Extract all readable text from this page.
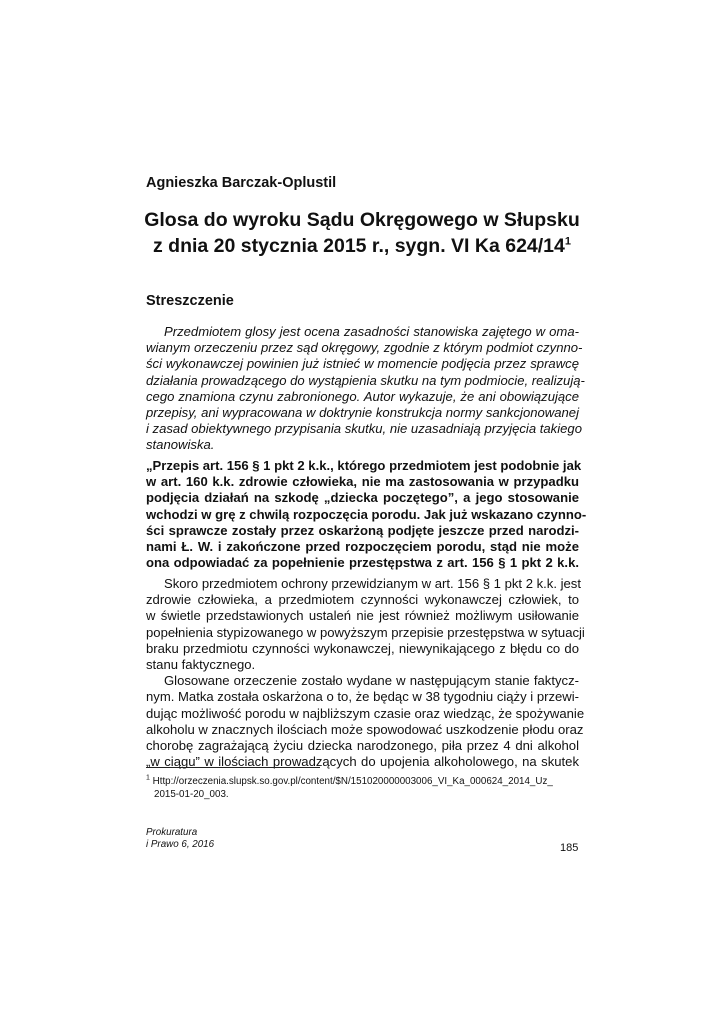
Agnieszka Barczak-Oplustil
Glosa do wyroku Sądu Okręgowego w Słupsku
z dnia 20 stycznia 2015 r., sygn. VI Ka $624/14^1$
Streszczenie
Przedmiotem glosy jest ocena zasadności stanowiska zajętego w oma-
wianym orzeczeniu przez sąd okręgowy, zgodnie z którym podmiot czynno-
ści wykonawczej powinien już istnieć w momencie podjęcia przez sprawcę
działania prowadzącego do wystąpienia skutku na tym podmiocie, realizują-
cego znamiona czynu zabronionego. Autor wykazuje, że ani obowiązujące
przepisy, ani wypracowana w doktrynie konstrukcja normy sankcjonowanej
i zasad obiektywnego przypisania skutku, nie uzasadniają przyjęcia takiego
stanowiska.
„Przepis art. 156 § 1 pkt 2 k.k., którego przedmiotem jest podobnie jak
w art. 160 k.k. zdrowie człowieka, nie ma zastosowania w przypadku
podjęcia działań na szkodę „dziecka poczętego”, a jego stosowanie
wchodzi w grę z chwilą rozpoczęcia porodu. Jak już wskazano czynno-
ści sprawcze zostały przez oskarżoną podjęte jeszcze przed narodzi-
nami Ł. W. i zakończone przed rozpoczęciem porodu, stąd nie może
ona odpowiadać za popełnienie przestępstwa z art. 156 § 1 pkt 2 k.k.
Skoro przedmiotem ochrony przewidzianym w art. 156 § 1 pkt 2 k.k. jest
zdrowie człowieka, a przedmiotem czynności wykonawczej człowiek, to
w świetle przedstawionych ustaleń nie jest również możliwym usiłowanie
popełnienia stypizowanego w powyższym przepisie przestępstwa w sytuacji
braku przedmiotu czynności wykonawczej, niewynikającego z błędu co do
stanu faktycznego.
Glosowane orzeczenie zostało wydane w następującym stanie faktycz-
nym. Matka została oskarżona o to, że będąc w 38 tygodniu ciąży i przewi-
dując możliwość porodu w najbliższym czasie oraz wiedząc, że spożywanie
alkoholu w znacznych ilościach może spowodować uszkodzenie płodu oraz
chorobę zagrażającą życiu dziecka narodzonego, piła przez 4 dni alkohol
„w ciągu” w ilościach prowadzących do upojenia alkoholowego, na skutek
$^1$ Http://orzeczenia.slupsk.so.gov.pl/content/$N/151020000003006_VI_Ka_000624_2014_Uz_
2015-01-20_003.
Prokuratura
i Prawo 6, 2016	185
